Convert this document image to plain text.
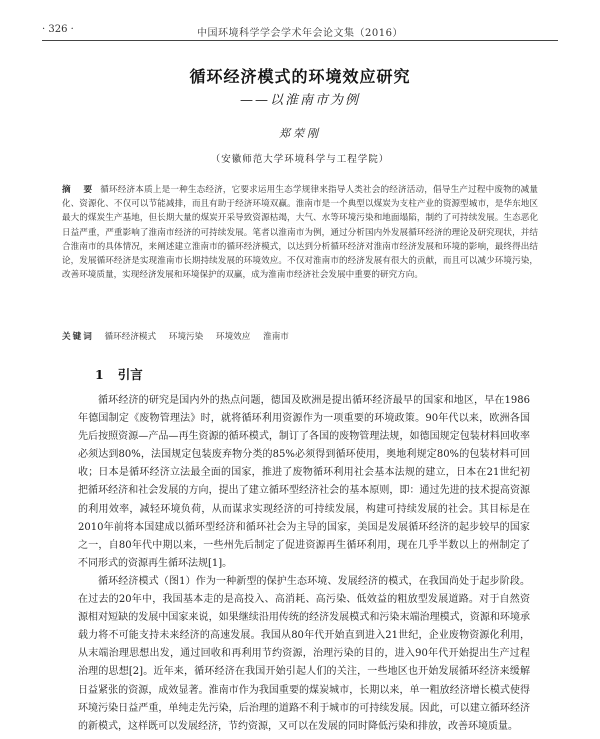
· 326 ·	中国环境科学学会学术年会论文集（2016）
循环经济模式的环境效应研究
——以淮南市为例
郑荣刚
（安徽师范大学环境科学与工程学院）
摘　要 循环经济本质上是一种生态经济，它要求运用生态学规律来指导人类社会的经济活动，倡导生产过程中废物的减量化、资源化、不仅可以节能减排，而且有助于经济环境双赢。淮南市是一个典型以煤炭为支柱产业的资源型城市，是华东地区最大的煤炭生产基地，但长期大量的煤炭开采导致资源枯竭，大气、水等环境污染和地面塌陷，制约了可持续发展。生态恶化日益严重，严重影响了淮南市经济的可持续发展。笔者以淮南市为例，通过分析国内外发展循环经济的理论及研究现状，并结合淮南市的具体情况，来阐述建立淮南市的循环经济模式，以达到分析循环经济对淮南市经济发展和环境的影响，最终得出结论，发展循环经济是实现淮南市长期持续发展的环境效应。不仅对淮南市的经济发展有很大的贡献，而且可以减少环境污染，改善环境质量，实现经济发展和环境保护的双赢，成为淮南市经济社会发展中重要的研究方向。
关键词 循环经济模式 环境污染 环境效应 淮南市
1 引言

循环经济的研究是国内外的热点问题，德国及欧洲是提出循环经济最早的国家和地区，早在1986年德国制定《废物管理法》时，就将循环利用资源作为一项重要的环境政策。90年代以来，欧洲各国先后按照资源—产品—再生资源的循环模式，制订了各国的废物管理法规，如德国规定包装材料回收率必须达到80%，法国规定包装废弃物分类的85%必须得到循环使用，奥地利规定80%的包装材料可回收；日本是循环经济立法最全面的国家，推进了废物循环利用社会基本法规的建立，日本在21世纪初把循环经济和社会发展的方向，提出了建立循环型经济社会的基本原则，即：通过先进的技术提高资源的利用效率，减轻环境负荷，从而谋求实现经济的可持续发展，构建可持续发展的社会。其目标是在2010年前将本国建成以循环型经济和循环社会为主导的国家，美国是发展循环经济的起步较早的国家之一，自80年代中期以来，一些州先后制定了促进资源再生循环利用，现在几乎半数以上的州制定了不同形式的资源再生循环法规[1]。

循环经济模式（图1）作为一种新型的保护生态环境、发展经济的模式，在我国尚处于起步阶段。在过去的20年中，我国基本走的是高投入、高消耗、高污染、低效益的粗放型发展道路。对于自然资源相对短缺的发展中国家来说，如果继续沿用传统的经济发展模式和污染末端治理模式，资源和环境承载力将不可能支持未来经济的高速发展。我国从80年代开始直到进入21世纪，企业废物资源化利用，从末端治理思想出发，通过回收和再利用节约资源，治理污染的目的，进入90年代开始提出生产过程治理的思想[2]。近年来，循环经济在我国开始引起人们的关注，一些地区也开始发展循环经济来缓解日益紧张的资源，成效显著。淮南市作为我国重要的煤炭城市，长期以来，单一粗放经济增长模式使得环境污染日益严重，单纯走先污染，后治理的道路不利于城市的可持续发展。因此，可以建立循环经济的新模式，这样既可以发展经济，节约资源，又可以在发展的同时降低污染和排放，改善环境质量。
